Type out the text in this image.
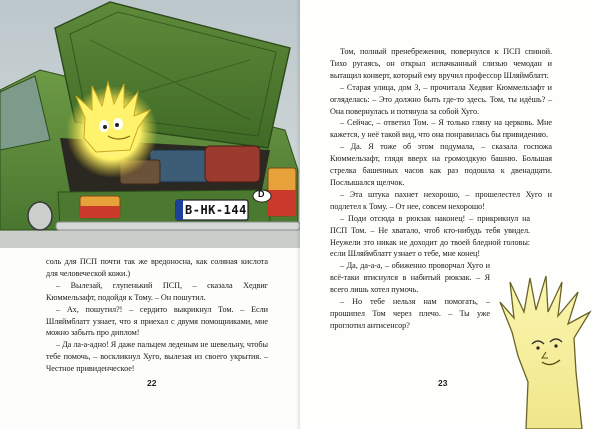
B-HK-144
D

соль для ПСП почти так же вредоносна, как соляная кислота для человеческой кожи.)

– Вылезай, глупенький ПСП, – сказала Хедвиг Кюммельзафт, подойдя к Тому. – Он пошутил.

– Ах, пошутил?! – сердито выкрикнул Том. – Если Шляймблатт узнает, что я приехал с двумя помощниками, мне можно забыть про диплом!

– Да ла-а-адно! Я даже пальцем леденым не шевельну, чтобы тебе помочь, – воскликнул Хуго, вылезая из своего укрытия. – Честное привиденческое!

22

Том, полный пренебрежения, повернулся к ПСП спиной. Тихо ругаясь, он открыл испачканный слизью чемодан и вытащил конверт, который ему вручил профессор Шляймблатт.

– Старая улица, дом 3, – прочитала Хедвиг Кюммельзафт и огляделась: – Это должно быть где-то здесь. Том, ты идёшь? – Она повернулась и потянула за собой Хуго.

– Сейчас, – ответил Том. – Я только гляну на церковь. Мне кажется, у неё такой вид, что она понравилась бы привидению.

– Да. Я тоже об этом подумала, – сказала госпожа Кюммельзафт, глядя вверх на громоздкую башню. Большая стрелка башенных часов как раз подошла к двенадцати. Послышался щелчок.

– Эта штука пахнет нехорошо, – прошелестел Хуго и подлетел к Тому. – От нее, совсем нехорошо!

– Поди отсюда в рюкзак наконец! – прикрикнул на ПСП Том. – Не хватало, чтоб кто-нибудь тебя увидел. Неужели это никак не доходит до твоей бледной головы: если Шляймблатт узнает о тебе, мне конец!

– Да, да-а-а, – обиженно проворчал Хуго и всё-таки втиснулся в набитый рюкзак. – Я всего лишь хотел пумочь.

– Но тебе нельзя нам помогать, – прошипел Том через плечо. – Ты уже проглотил антисенсор?

23
